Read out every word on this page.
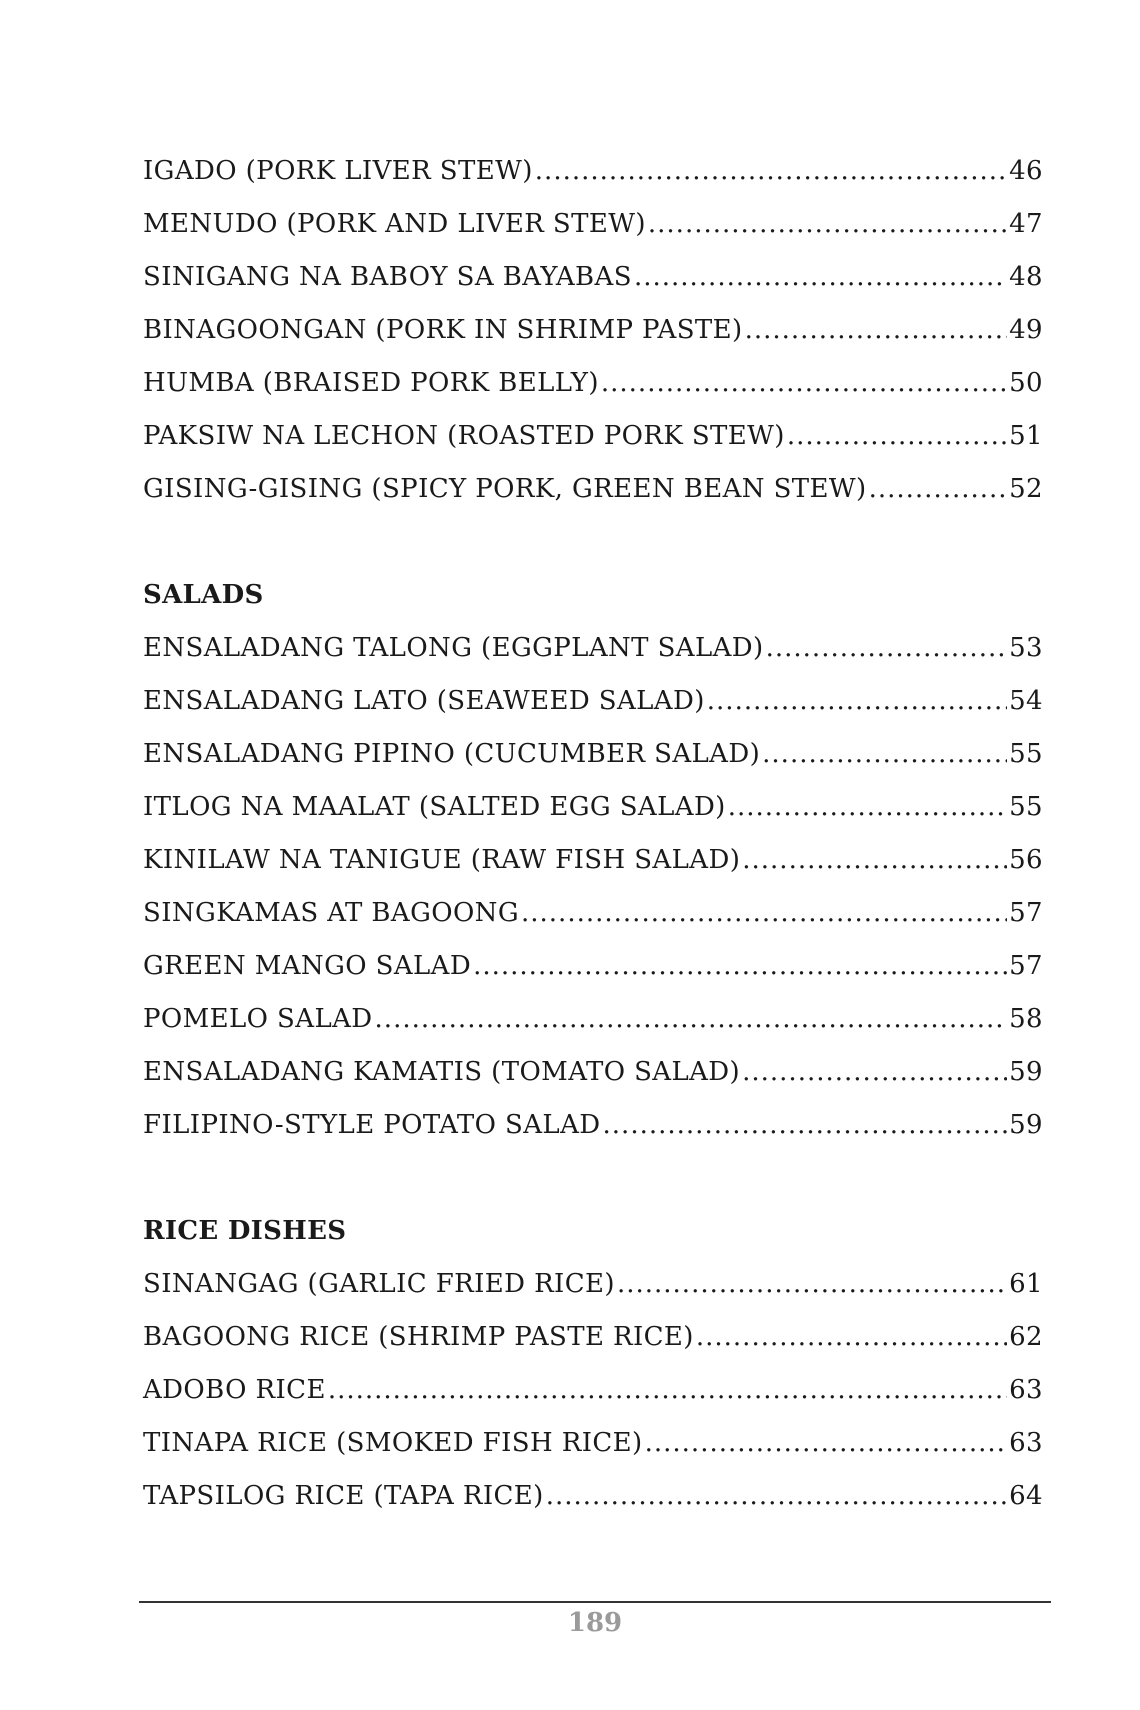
IGADO (PORK LIVER STEW) .....	46
MENUDO (PORK AND LIVER STEW) .....	47
SINIGANG NA BABOY SA BAYABAS .....	48
BINAGOONGAN (PORK IN SHRIMP PASTE) .....	49
HUMBA (BRAISED PORK BELLY) .....	50
PAKSIW NA LECHON (ROASTED PORK STEW) .....	51
GISING-GISING (SPICY PORK, GREEN BEAN STEW) .....	52
SALADS
ENSALADANG TALONG (EGGPLANT SALAD) .....	53
ENSALADANG LATO (SEAWEED SALAD) .....	54
ENSALADANG PIPINO (CUCUMBER SALAD) .....	55
ITLOG NA MAALAT (SALTED EGG SALAD) .....	55
KINILAW NA TANIGUE (RAW FISH SALAD) .....	56
SINGKAMAS AT BAGOONG .....	57
GREEN MANGO SALAD .....	57
POMELO SALAD .....	58
ENSALADANG KAMATIS (TOMATO SALAD) .....	59
FILIPINO-STYLE POTATO SALAD .....	59
RICE DISHES
SINANGAG (GARLIC FRIED RICE) .....	61
BAGOONG RICE (SHRIMP PASTE RICE) .....	62
ADOBO RICE .....	63
TINAPA RICE (SMOKED FISH RICE) .....	63
TAPSILOG RICE (TAPA RICE) .....	64
189
